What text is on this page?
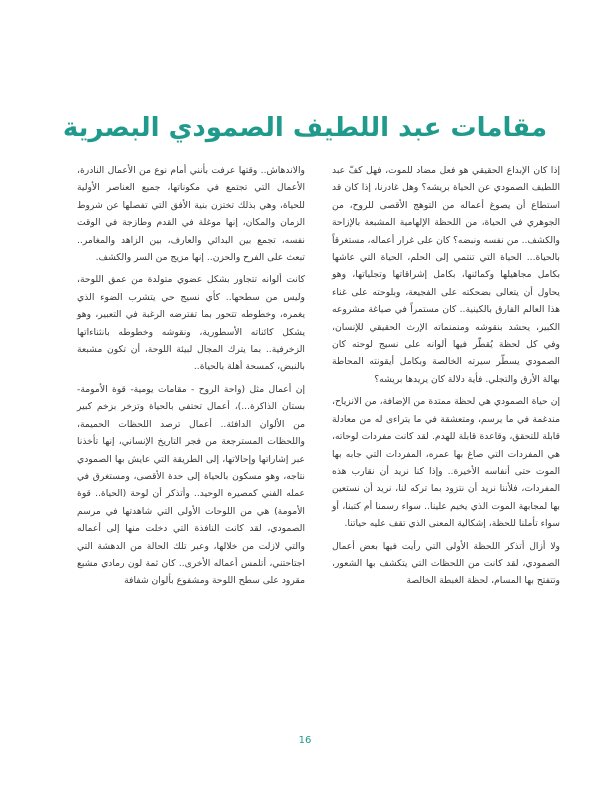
مقامات عبد اللطيف الصمودي البصرية

إذا كان الإبداع الحقيقي هو فعل مضاد للموت، فهل كفّ عبد اللطيف الصمودي عن الحياة بريشه؟ وهل غادرنا، إذا كان قد استطاع أن يصوغ أعماله من التوهج الأقصى للروح، من الجوهري في الحياة، من اللحظة الإلهامية المشبعة بالإزاحة والكشف.. من نفسه ونبضه؟ كان على غرار أعماله، مستغرقاً بالحياة... الحياة التي تنتمي إلى الحلم، الحياة التي عاشها بكامل مجاهيلها وكمائنها، بكامل إشراقاتها وتجلياتها، وهو يحاول أن يتعالى بضحكته على الفجيعة، وبلوحته على غناء هذا العالم الفارق بالكينية.. كان مستمراً في صياغة مشروعه الكبير، يحشد بنقوشه ومنمنماته الإرث الحقيقي للإنسان، وفي كل لحظة يُقطّر فيها ألوانه على نسيج لوحته كان الصمودي يسطّر سيرته الخالصة وبكامل أيقونته المحاطة بهالة الأرق والتجلي. فأية دلالة كان يريدها بريشه؟

إن حياة الصمودي هي لحظة ممتدة من الإضافة، من الانزياح، مندغمة في ما يرسم، ومتعشقة في ما يتراءى له من معادلة قابلة للتحقق، وقاعدة قابلة للهدم. لقد كانت مفردات لوحاته، هي المفردات التي صاغ بها عمره، المفردات التي جابه بها الموت حتى أنفاسه الأخيرة.. وإذا كنا نريد أن نقارب هذه المفردات، فلأننا نريد أن نتزود بما تركه لنا، نريد أن نستعين بها لمجابهة الموت الذي يخيم علينا.. سواء رسمنا أم كتبنا، أو سواء تأملنا للحظة، إشكالية المعنى الذي تقف عليه حياتنا.

ولا أزال أتذكر اللحظة الأولى التي رأيت فيها بعض أعمال الصمودي، لقد كانت من اللحظات التي يتكشف بها الشعور، وتتفتح بها المسام، لحظة الغبطة الخالصة

والاندهاش.. وقتها عرفت بأنني أمام نوع من الأعمال النادرة، الأعمال التي تجتمع في مكوناتها، جميع العناصر الأولية للحياة، وهي بذلك تختزن بنية الأفق التي تفصلها عن شروط الزمان والمكان، إنها موغلة في القدم وطازجة في الوقت نفسه، تجمع بين البدائي والعارف، بين الزاهد والمغامر.. تبعث على الفرح والحزن.. إنها مزيج من السر والكشف.

كانت ألوانه تتجاور بشكل عضوي متولدة من عمق اللوحة، وليس من سطحها.. كأي نسيج حي يتشرب الضوء الذي يغمره، وخطوطه تتحور بما تفترضه الرغبة في التعبير، وهو يشكل كائناته الأسطورية، ونقوشه وخطوطه بانثناءاتها الزخرفية.. بما يترك المجال لبيئة اللوحة، أن تكون مشبعة بالنبض، كمسحة أهلة بالحياة..

إن أعمال مثل (واحة الروح - مقامات يومية- قوة الأمومة- بستان الذاكرة...)، أعمال تحتفي بالحياة وتزخر بزخم كبير من الألوان الدافئة.. أعمال ترصد اللحظات الحميمة، واللحظات المسترجعة من فجر التاريخ الإنساني، إنها تأخذنا عبر إشاراتها وإحالاتها، إلى الطريقة التي عايش بها الصمودي نتاجه، وهو مسكون بالحياة إلى حدة الأقصى، ومستغرق في عمله الفني كمصيره الوحيد.. وأتذكر أن لوحة (الحياة.. قوة الأمومة) هي من اللوحات الأولى التي شاهدتها في مرسم الصمودي، لقد كانت النافذة التي دخلت منها إلى أعماله والتي لازلت من خلالها، وعبر تلك الحالة من الدهشة التي اجتاحتني، أتلمس أعماله الأخرى.. كان ثمة لون رمادي مشبع مقرود على سطح اللوحة ومشفوع بألوان شفافة

16
